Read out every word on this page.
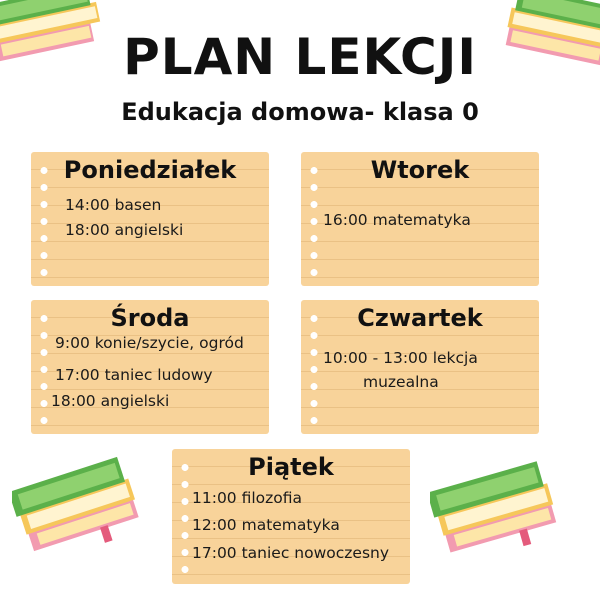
PLAN LEKCJI
Edukacja domowa- klasa 0
Poniedziałek
14:00 basen
18:00 angielski
Wtorek
16:00 matematyka
Środa
9:00 konie/szycie, ogród
17:00 taniec ludowy
18:00 angielski
Czwartek
10:00 - 13:00 lekcja
muzealna
Piątek
11:00 filozofia
12:00 matematyka
17:00 taniec nowoczesny
